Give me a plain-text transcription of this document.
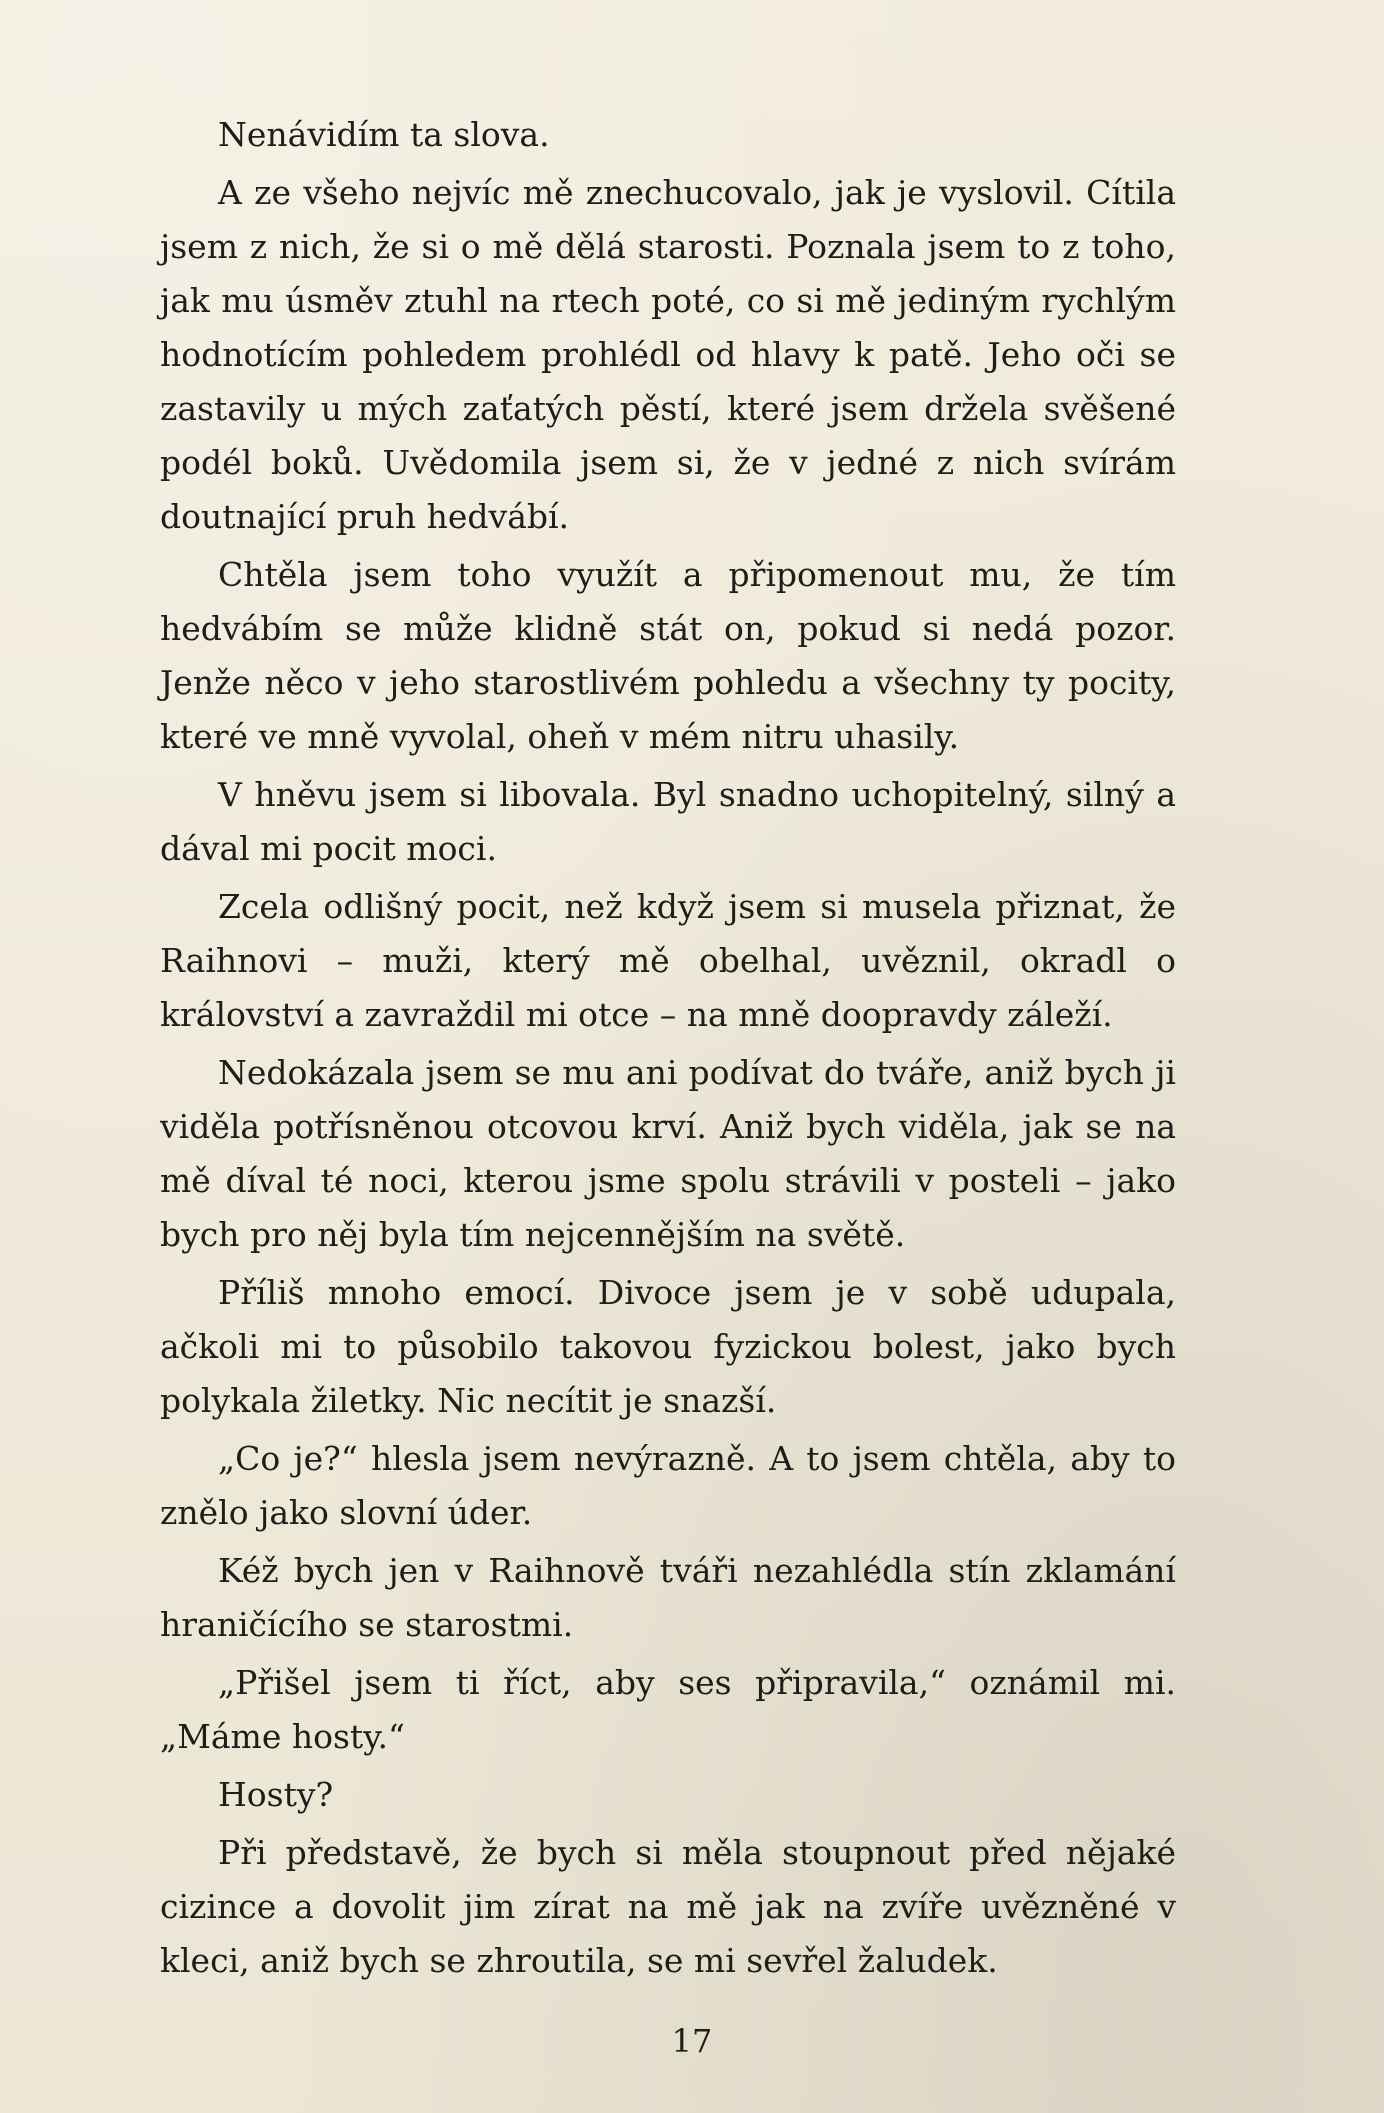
Nenávidím ta slova.

A ze všeho nejvíc mě znechucovalo, jak je vyslovil. Cítila jsem z nich, že si o mě dělá starosti. Poznala jsem to z toho, jak mu úsměv ztuhl na rtech poté, co si mě jediným rychlým hodnotícím pohledem prohlédl od hlavy k patě. Jeho oči se zastavily u mých zaťatých pěstí, které jsem držela svěšené podél boků. Uvědomila jsem si, že v jedné z nich svírám doutnající pruh hedvábí.

Chtěla jsem toho využít a připomenout mu, že tím hedvábím se může klidně stát on, pokud si nedá pozor. Jenže něco v jeho starostlivém pohledu a všechny ty pocity, které ve mně vyvolal, oheň v mém nitru uhasily.

V hněvu jsem si libovala. Byl snadno uchopitelný, silný a dával mi pocit moci.

Zcela odlišný pocit, než když jsem si musela přiznat, že Raihnovi – muži, který mě obelhal, uvěznil, okradl o království a zavraždil mi otce – na mně doopravdy záleží.

Nedokázala jsem se mu ani podívat do tváře, aniž bych ji viděla potřísněnou otcovou krví. Aniž bych viděla, jak se na mě díval té noci, kterou jsme spolu strávili v posteli – jako bych pro něj byla tím nejcennějším na světě.

Příliš mnoho emocí. Divoce jsem je v sobě udupala, ačkoli mi to působilo takovou fyzickou bolest, jako bych polykala žiletky. Nic necítit je snazší.

„Co je?“ hlesla jsem nevýrazně. A to jsem chtěla, aby to znělo jako slovní úder.

Kéž bych jen v Raihnově tváři nezahlédla stín zklamání hraničícího se starostmi.

„Přišel jsem ti říct, aby ses připravila,“ oznámil mi. „Máme hosty.“

Hosty?

Při představě, že bych si měla stoupnout před nějaké cizince a dovolit jim zírat na mě jak na zvíře uvězněné v kleci, aniž bych se zhroutila, se mi sevřel žaludek.

17
